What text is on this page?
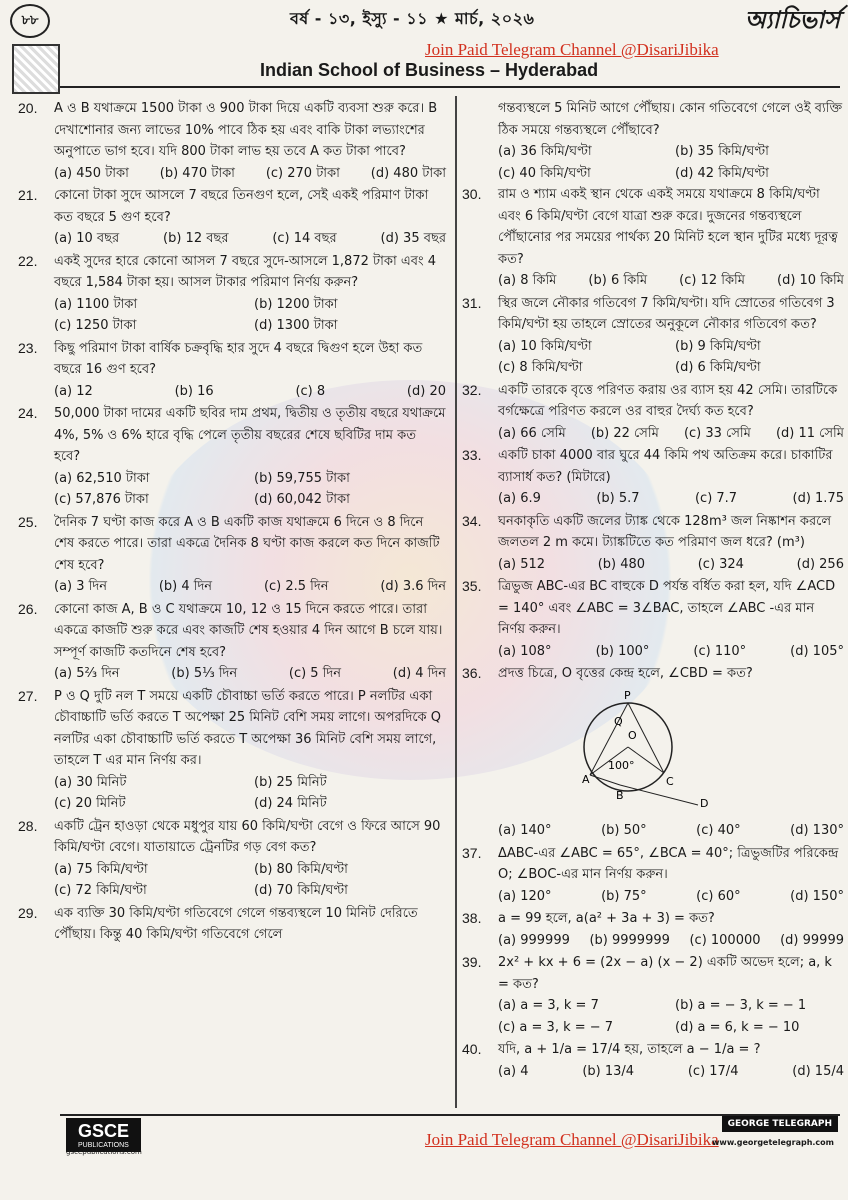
৮৮	বর্ষ - ১৩, ইস্যু - ১১ ★ মার্চ, ২০২৬	অ্যাচিভার্স
Join Paid Telegram Channel @DisariJibika
Indian School of Business – Hyderabad
20.	A ও B যথাক্রমে 1500 টাকা ও 900 টাকা দিয়ে একটি ব্যবসা শুরু করে। B দেখাশোনার জন্য লাভের 10% পাবে ঠিক হয় এবং বাকি টাকা লভ্যাংশের অনুপাতে ভাগ হবে। যদি 800 টাকা লাভ হয় তবে A কত টাকা পাবে?
(a) 450 টাকা (b) 470 টাকা (c) 270 টাকা (d) 480 টাকা
21.	কোনো টাকা সুদে আসলে 7 বছরে তিনগুণ হলে, সেই একই পরিমাণ টাকা কত বছরে 5 গুণ হবে?
(a) 10 বছর	(b) 12 বছর	(c) 14 বছর	(d) 35 বছর
22.	একই সুদের হারে কোনো আসল 7 বছরে সুদে-আসলে 1,872 টাকা এবং 4 বছরে 1,584 টাকা হয়। আসল টাকার পরিমাণ নির্ণয় করুন?
(a) 1100 টাকা	(b) 1200 টাকা
(c) 1250 টাকা	(d) 1300 টাকা
23.	কিছু পরিমাণ টাকা বার্ষিক চক্রবৃদ্ধি হার সুদে 4 বছরে দ্বিগুণ হলে উহা কত বছরে 16 গুণ হবে?
(a) 12	(b) 16	(c) 8	(d) 20
24.	50,000 টাকা দামের একটি ছবির দাম প্রথম, দ্বিতীয় ও তৃতীয় বছরে যথাক্রমে 4%, 5% ও 6% হারে বৃদ্ধি পেলে তৃতীয় বছরের শেষে ছবিটির দাম কত হবে?
(a) 62,510 টাকা	(b) 59,755 টাকা
(c) 57,876 টাকা	(d) 60,042 টাকা
25.	দৈনিক 7 ঘণ্টা কাজ করে A ও B একটি কাজ যথাক্রমে 6 দিনে ও 8 দিনে শেষ করতে পারে। তারা একত্রে দৈনিক 8 ঘণ্টা কাজ করলে কত দিনে কাজটি শেষ হবে?
(a) 3 দিন	(b) 4 দিন	(c) 2.5 দিন	(d) 3.6 দিন
26.	কোনো কাজ A, B ও C যথাক্রমে 10, 12 ও 15 দিনে করতে পারে। তারা একত্রে কাজটি শুরু করে এবং কাজটি শেষ হওয়ার 4 দিন আগে B চলে যায়। সম্পূর্ণ কাজটি কতদিনে শেষ হবে?
(a) 5⅔ দিন	(b) 5⅓ দিন	(c) 5 দিন	(d) 4 দিন
27.	P ও Q দুটি নল T সময়ে একটি চৌবাচ্চা ভর্তি করতে পারে। P নলটির একা চৌবাচ্চাটি ভর্তি করতে T অপেক্ষা 25 মিনিট বেশি সময় লাগে। অপরদিকে Q নলটির একা চৌবাচ্চাটি ভর্তি করতে T অপেক্ষা 36 মিনিট বেশি সময় লাগে, তাহলে T এর মান নির্ণয় কর।
(a) 30 মিনিট	(b) 25 মিনিট
(c) 20 মিনিট	(d) 24 মিনিট
28.	একটি ট্রেন হাওড়া থেকে মধুপুর যায় 60 কিমি/ঘণ্টা বেগে ও ফিরে আসে 90 কিমি/ঘণ্টা বেগে। যাতায়াতে ট্রেনটির গড় বেগ কত?
(a) 75 কিমি/ঘণ্টা	(b) 80 কিমি/ঘণ্টা
(c) 72 কিমি/ঘণ্টা	(d) 70 কিমি/ঘণ্টা
29.	এক ব্যক্তি 30 কিমি/ঘণ্টা গতিবেগে গেলে গন্তব্যস্থলে 10 মিনিট দেরিতে পৌঁছায়। কিন্তু 40 কিমি/ঘণ্টা গতিবেগে গেলে
গন্তব্যস্থলে 5 মিনিট আগে পৌঁছায়। কোন গতিবেগে গেলে ওই ব্যক্তি ঠিক সময়ে গন্তব্যস্থলে পৌঁছাবে?
(a) 36 কিমি/ঘণ্টা	(b) 35 কিমি/ঘণ্টা
(c) 40 কিমি/ঘণ্টা	(d) 42 কিমি/ঘণ্টা
30.	রাম ও শ্যাম একই স্থান থেকে একই সময়ে যথাক্রমে 8 কিমি/ঘণ্টা এবং 6 কিমি/ঘণ্টা বেগে যাত্রা শুরু করে। দুজনের গন্তব্যস্থলে পৌঁছানোর পর সময়ের পার্থক্য 20 মিনিট হলে স্থান দুটির মধ্যে দূরত্ব কত?
(a) 8 কিমি (b) 6 কিমি (c) 12 কিমি (d) 10 কিমি
31.	স্থির জলে নৌকার গতিবেগ 7 কিমি/ঘণ্টা। যদি স্রোতের গতিবেগ 3 কিমি/ঘণ্টা হয় তাহলে স্রোতের অনুকূলে নৌকার গতিবেগ কত?
(a) 10 কিমি/ঘণ্টা	(b) 9 কিমি/ঘণ্টা
(c) 8 কিমি/ঘণ্টা	(d) 6 কিমি/ঘণ্টা
32.	একটি তারকে বৃত্তে পরিণত করায় ওর ব্যাস হয় 42 সেমি। তারটিকে বর্গক্ষেত্রে পরিণত করলে ওর বাহুর দৈর্ঘ্য কত হবে?
(a) 66 সেমি (b) 22 সেমি (c) 33 সেমি (d) 11 সেমি
33.	একটি চাকা 4000 বার ঘুরে 44 কিমি পথ অতিক্রম করে। চাকাটির ব্যাসার্ধ কত? (মিটারে)
(a) 6.9	(b) 5.7	(c) 7.7	(d) 1.75
34.	ঘনকাকৃতি একটি জলের ট্যাঙ্ক থেকে 128m³ জল নিষ্কাশন করলে জলতল 2 m কমে। ট্যাঙ্কটিতে কত পরিমাণ জল ধরে? (m³)
(a) 512	(b) 480	(c) 324	(d) 256
35.	ত্রিভুজ ABC-এর BC বাহুকে D পর্যন্ত বর্ধিত করা হল, যদি ∠ACD = 140° এবং ∠ABC = 3∠BAC, তাহলে ∠ABC -এর মান নির্ণয় করুন।
(a) 108°	(b) 100°	(c) 110°	(d) 105°
36.	প্রদত্ত চিত্রে, O বৃত্তের কেন্দ্র হলে, ∠CBD = কত?
P
Q
O
A
B
C
D
100°
(a) 140°	(b) 50°	(c) 40°	(d) 130°
37.	ΔABC-এর ∠ABC = 65°, ∠BCA = 40°; ত্রিভুজটির পরিকেন্দ্র O; ∠BOC-এর মান নির্ণয় করুন।
(a) 120°	(b) 75°	(c) 60°	(d) 150°
38.	a = 99 হলে, a(a² + 3a + 3) = কত?
(a) 999999 (b) 9999999 (c) 100000 (d) 99999
39.	2x² + kx + 6 = (2x − a) (x − 2) একটি অভেদ হলে; a, k = কত?
(a) a = 3, k = 7	(b) a = − 3, k = − 1
(c) a = 3, k = − 7	(d) a = 6, k = − 10
40.	যদি, a + 1/a = 17/4 হয়, তাহলে a − 1/a = ?
(a) 4	(b) 13/4	(c) 17/4	(d) 15/4
GSCE
PUBLICATIONS
gscepublications.com
Join Paid Telegram Channel @DisariJibika
GEORGE TELEGRAPH
www.georgetelegraph.com
